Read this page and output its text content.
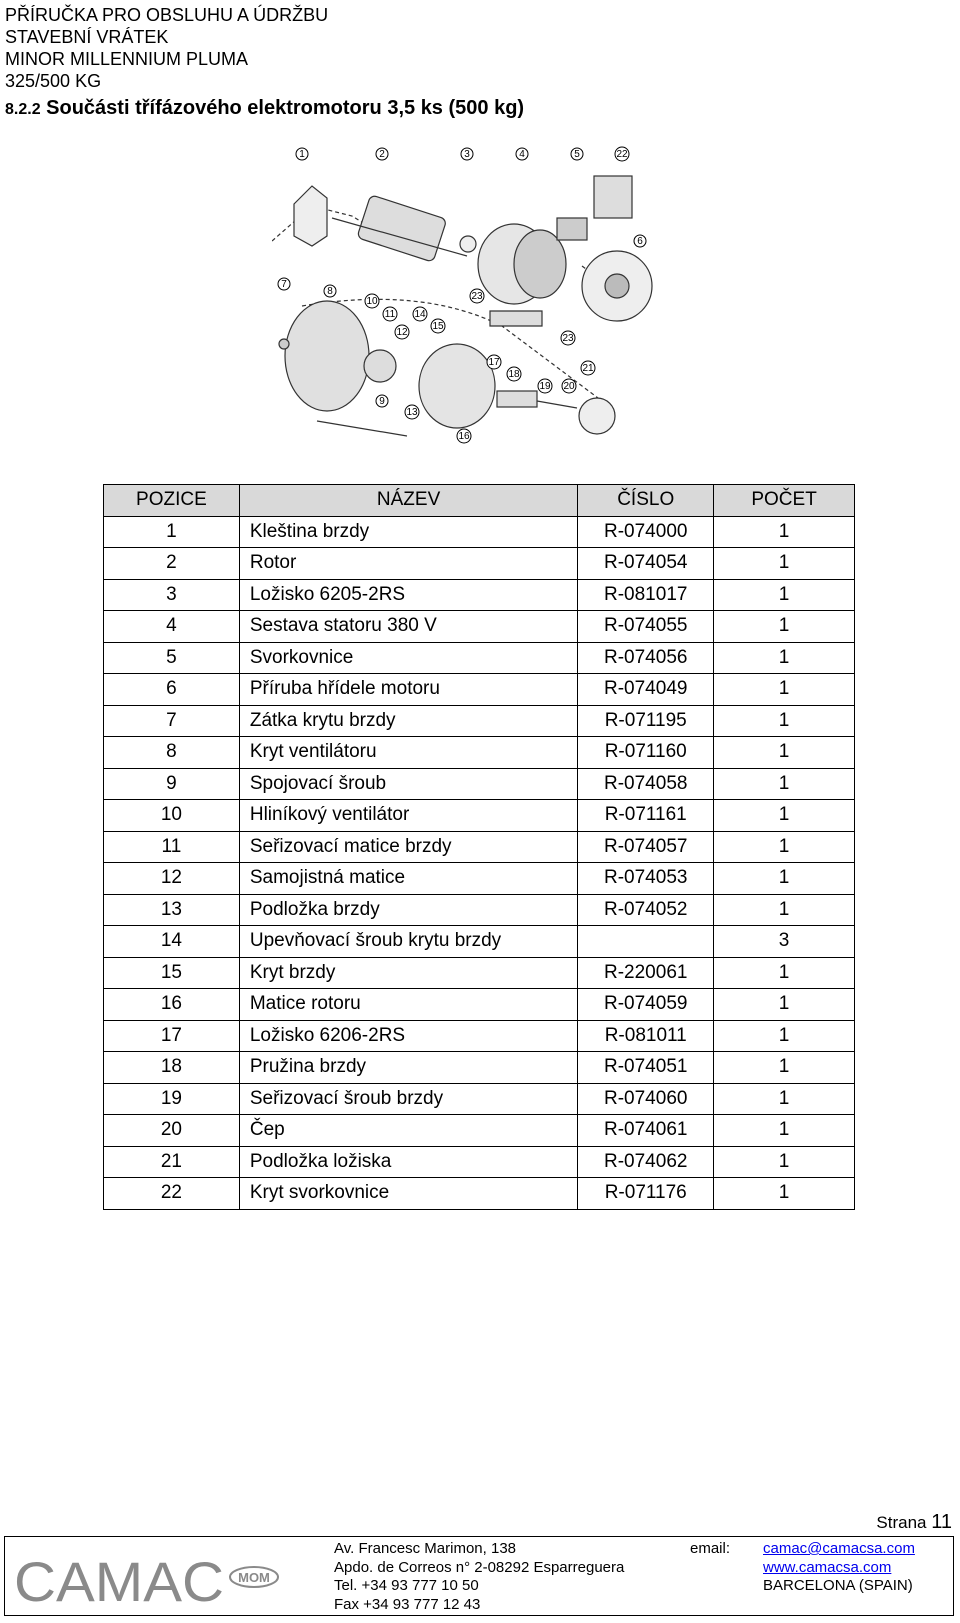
PŘÍRUČKA PRO OBSLUHU A ÚDRŽBU
STAVEBNÍ VRÁTEK
MINOR MILLENNIUM PLUMA
325/500 KG
8.2.2 Součásti třífázového elektromotoru 3,5 ks (500 kg)
1	2	3	4	5	22
6
7
8
10
11
12
14
15
23
23
9
13
16
17
18
19 20
21
POZICE	NÁZEV	ČÍSLO	POČET
1	Kleština brzdy	R-074000	1
2	Rotor	R-074054	1
3	Ložisko 6205-2RS	R-081017	1
4	Sestava statoru 380 V	R-074055	1
5	Svorkovnice	R-074056	1
6	Příruba hřídele motoru	R-074049	1
7	Zátka krytu brzdy	R-071195	1
8	Kryt ventilátoru	R-071160	1
9	Spojovací šroub	R-074058	1
10	Hliníkový ventilátor	R-071161	1
11	Seřizovací matice brzdy	R-074057	1
12	Samojistná matice	R-074053	1
13	Podložka brzdy	R-074052	1
14	Upevňovací šroub krytu brzdy		3
15	Kryt brzdy	R-220061	1
16	Matice rotoru	R-074059	1
17	Ložisko 6206-2RS	R-081011	1
18	Pružina brzdy	R-074051	1
19	Seřizovací šroub brzdy	R-074060	1
20	Čep	R-074061	1
21	Podložka ložiska	R-074062	1
22	Kryt svorkovnice	R-071176	1
Strana 11
CAMAC MOM
Av. Francesc Marimon, 138
Apdo. de Correos n° 2-08292 Esparreguera
Tel. +34 93 777 10 50
Fax +34 93 777 12 43
email: camac@camacsa.com
www.camacsa.com
BARCELONA (SPAIN)
